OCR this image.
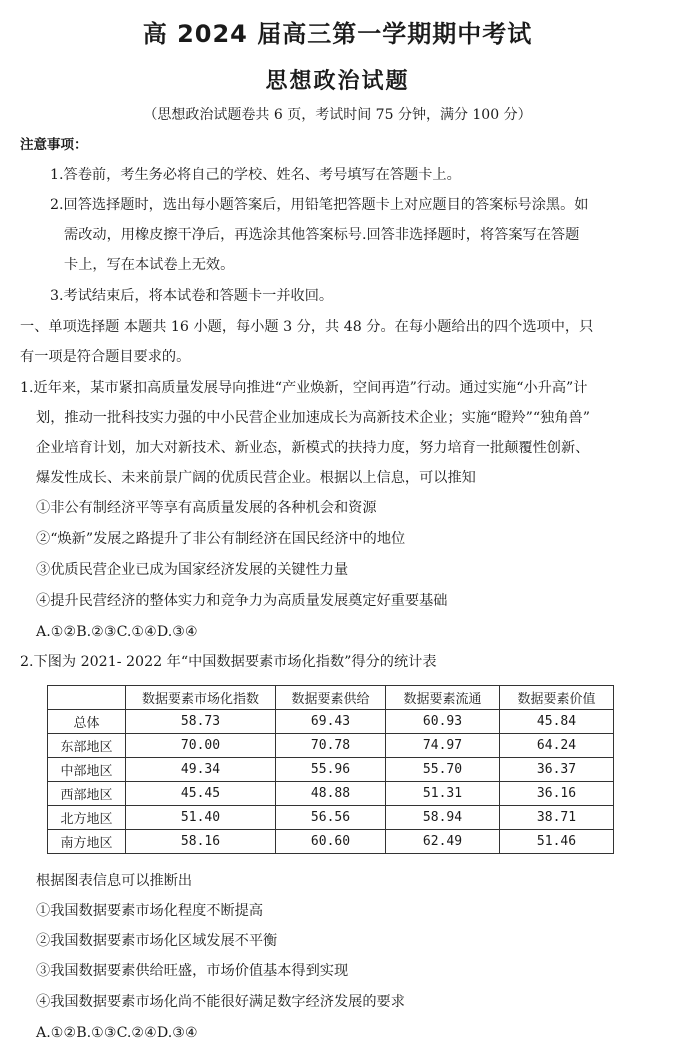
高 2024 届高三第一学期期中考试
思想政治试题
（思想政治试题卷共 6 页，考试时间 75 分钟，满分 100 分）
注意事项：
1.答卷前，考生务必将自己的学校、姓名、考号填写在答题卡上。
2.回答选择题时，选出每小题答案后，用铅笔把答题卡上对应题目的答案标号涂黑。如
需改动，用橡皮擦干净后，再选涂其他答案标号.回答非选择题时，将答案写在答题
卡上，写在本试卷上无效。
3.考试结束后，将本试卷和答题卡一并收回。
一、单项选择题 本题共 16 小题，每小题 3 分，共 48 分。在每小题给出的四个选项中，只
有一项是符合题目要求的。
1.近年来，某市紧扣高质量发展导向推进“产业焕新，空间再造”行动。通过实施“小升高”计
划，推动一批科技实力强的中小民营企业加速成长为高新技术企业；实施“瞪羚”“独角兽”
企业培育计划，加大对新技术、新业态，新模式的扶持力度，努力培育一批颠覆性创新、
爆发性成长、未来前景广阔的优质民营企业。根据以上信息，可以推知
①非公有制经济平等享有高质量发展的各种机会和资源
②“焕新”发展之路提升了非公有制经济在国民经济中的地位
③优质民营企业已成为国家经济发展的关键性力量
④提升民营经济的整体实力和竞争力为高质量发展奠定好重要基础
A.①②B.②③C.①④D.③④
2.下图为 2021- 2022 年“中国数据要素市场化指数”得分的统计表
	数据要素市场化指数	数据要素供给	数据要素流通	数据要素价值
总体	58.73	69.43	60.93	45.84
东部地区	70.00	70.78	74.97	64.24
中部地区	49.34	55.96	55.70	36.37
西部地区	45.45	48.88	51.31	36.16
北方地区	51.40	56.56	58.94	38.71
南方地区	58.16	60.60	62.49	51.46
根据图表信息可以推断出
①我国数据要素市场化程度不断提高
②我国数据要素市场化区域发展不平衡
③我国数据要素供给旺盛，市场价值基本得到实现
④我国数据要素市场化尚不能很好满足数字经济发展的要求
A.①②B.①③C.②④D.③④
